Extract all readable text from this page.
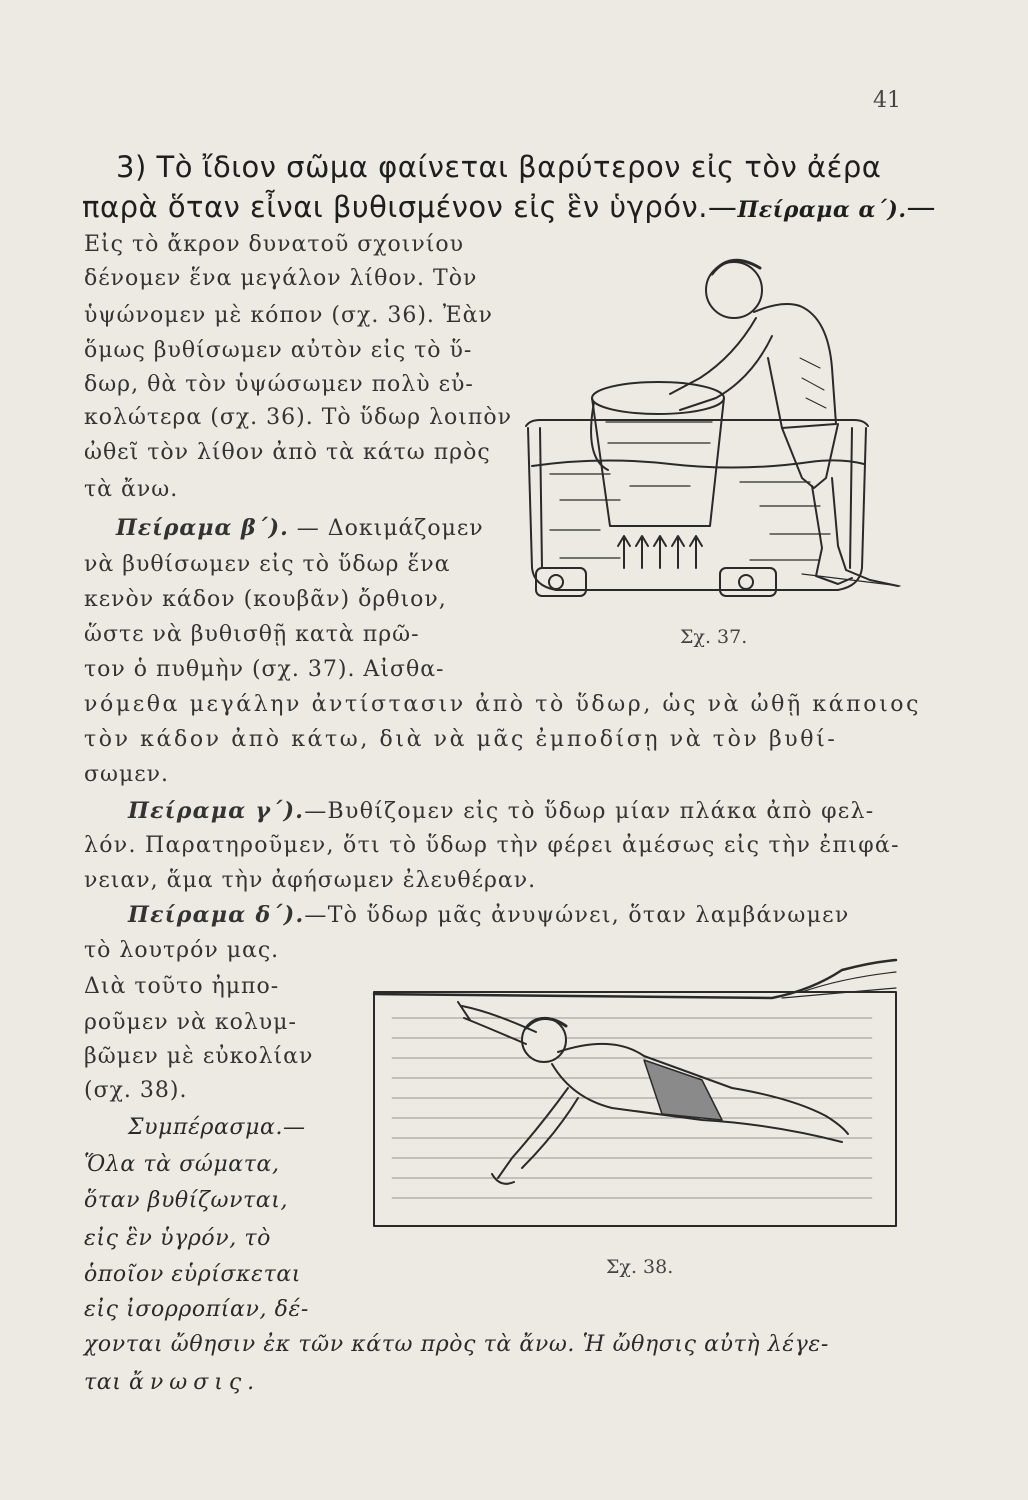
41
3) Τὸ ἴδιον σῶμα φαίνεται βαρύτερον εἰς τὸν ἀέρα
παρὰ ὅταν εἶναι βυθισμένον εἰς ἓν ὑγρόν.—Πείραμα α΄).—
Εἰς τὸ ἄκρον δυνατοῦ σχοινίου
δένομεν ἕνα μεγάλον λίθον. Τὸν
ὑψώνομεν μὲ κόπον (σχ. 36). Ἐὰν
ὅμως βυθίσωμεν αὐτὸν εἰς τὸ ὕ-
δωρ, θὰ τὸν ὑψώσωμεν πολὺ εὐ-
κολώτερα (σχ. 36). Τὸ ὕδωρ λοιπὸν
ὠθεῖ τὸν λίθον ἀπὸ τὰ κάτω πρὸς
τὰ ἄνω.
Πείραμα β΄). — Δοκιμάζομεν
νὰ βυθίσωμεν εἰς τὸ ὕδωρ ἕνα
κενὸν κάδον (κουβᾶν) ὄρθιον,
ὥστε νὰ βυθισθῇ κατὰ πρῶ-
τον ὁ πυθμὴν (σχ. 37). Αἰσθα-
νόμεθα μεγάλην ἀντίστασιν ἀπὸ τὸ ὕδωρ, ὡς νὰ ὠθῇ κάποιος
τὸν κάδον ἀπὸ κάτω, διὰ νὰ μᾶς ἐμποδίσῃ νὰ τὸν βυθί-
σωμεν.
Πείραμα γ΄).—Βυθίζομεν εἰς τὸ ὕδωρ μίαν πλάκα ἀπὸ φελ-
λόν. Παρατηροῦμεν, ὅτι τὸ ὕδωρ τὴν φέρει ἀμέσως εἰς τὴν ἐπιφά-
νειαν, ἅμα τὴν ἀφήσωμεν ἐλευθέραν.
Πείραμα δ΄).—Τὸ ὕδωρ μᾶς ἀνυψώνει, ὅταν λαμβάνωμεν
τὸ λουτρόν μας.
Διὰ τοῦτο ἠμπο-
ροῦμεν νὰ κολυμ-
βῶμεν μὲ εὐκολίαν
(σχ. 38).
Συμπέρασμα.—
Ὅλα τὰ σώματα,
ὅταν βυθίζωνται,
εἰς ἓν ὑγρόν, τὸ
ὁποῖον εὑρίσκεται
εἰς ἰσορροπίαν, δέ-
χονται ὤθησιν ἐκ τῶν κάτω πρὸς τὰ ἄνω. Ἡ ὤθησις αὐτὴ λέγε-
ται ἄνωσις.
Σχ. 37.
Σχ. 38.
